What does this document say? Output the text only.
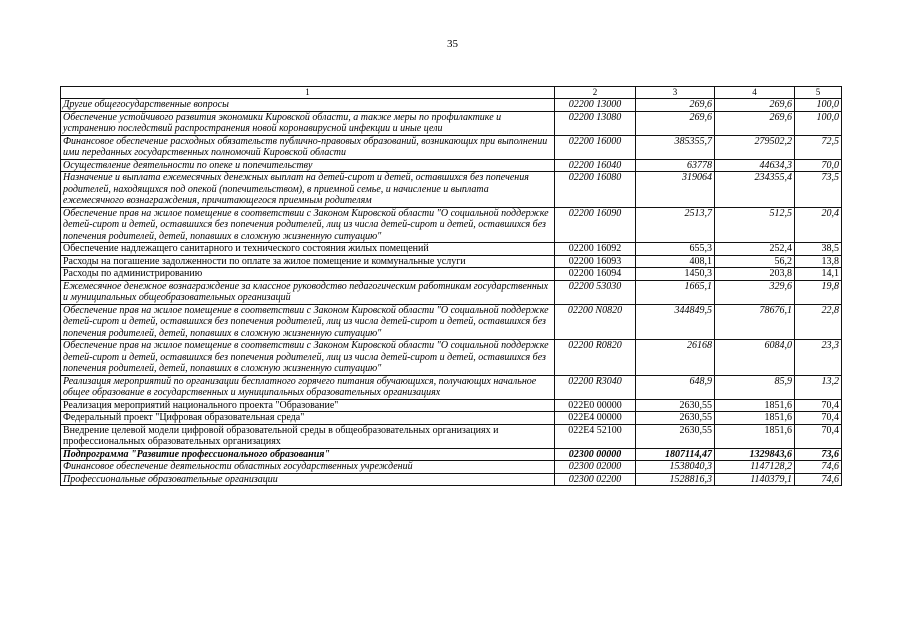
35
1	2	3	4	5
Другие общегосударственные вопросы	02200 13000	269,6	269,6	100,0
Обеспечение устойчивого развития экономики Кировской области, а также меры по профилактике и устранению последствий распространения новой коронавирусной инфекции и иные цели	02200 13080	269,6	269,6	100,0
Финансовое обеспечение расходных обязательств публично-правовых образований, возникающих при выполнении ими переданных государственных полномочий Кировской области	02200 16000	385355,7	279502,2	72,5
Осуществление деятельности по опеке и попечительству	02200 16040	63778	44634,3	70,0
Назначение и выплата ежемесячных денежных выплат на детей-сирот и детей, оставшихся без попечения родителей, находящихся под опекой (попечительством), в приемной семье, и начисление и выплата ежемесячного вознаграждения, причитающегося приемным родителям	02200 16080	319064	234355,4	73,5
Обеспечение прав на жилое помещение в соответствии с Законом Кировской области "О социальной поддержке детей-сирот и детей, оставшихся без попечения родителей, лиц из числа детей-сирот и детей, оставшихся без попечения родителей, детей, попавших в сложную жизненную ситуацию"	02200 16090	2513,7	512,5	20,4
Обеспечение надлежащего санитарного и технического состояния жилых помещений	02200 16092	655,3	252,4	38,5
Расходы на погашение задолженности по оплате за жилое помещение и коммунальные услуги	02200 16093	408,1	56,2	13,8
Расходы по администрированию	02200 16094	1450,3	203,8	14,1
Ежемесячное денежное вознаграждение за классное руководство педагогическим работникам государственных и муниципальных общеобразовательных организаций	02200 53030	1665,1	329,6	19,8
Обеспечение прав на жилое помещение в соответствии с Законом Кировской области "О социальной поддержке детей-сирот и детей, оставшихся без попечения родителей, лиц из числа детей-сирот и детей, оставшихся без попечения родителей, детей, попавших в сложную жизненную ситуацию"	02200 N0820	344849,5	78676,1	22,8
Обеспечение прав на жилое помещение в соответствии с Законом Кировской области "О социальной поддержке детей-сирот и детей, оставшихся без попечения родителей, лиц из числа детей-сирот и детей, оставшихся без попечения родителей, детей, попавших в сложную жизненную ситуацию"	02200 R0820	26168	6084,0	23,3
Реализация мероприятий по организации бесплатного горячего питания обучающихся, получающих начальное общее образование в государственных и муниципальных образовательных организациях	02200 R3040	648,9	85,9	13,2
Реализация мероприятий национального проекта "Образование"	022E0 00000	2630,55	1851,6	70,4
Федеральный проект "Цифровая образовательная среда"	022E4 00000	2630,55	1851,6	70,4
Внедрение целевой модели цифровой образовательной среды в общеобразовательных организациях и профессиональных образовательных организациях	022E4 52100	2630,55	1851,6	70,4
Подпрограмма "Развитие профессионального образования"	02300 00000	1807114,47	1329843,6	73,6
Финансовое обеспечение деятельности областных государственных учреждений	02300 02000	1538040,3	1147128,2	74,6
Профессиональные образовательные организации	02300 02200	1528816,3	1140379,1	74,6
